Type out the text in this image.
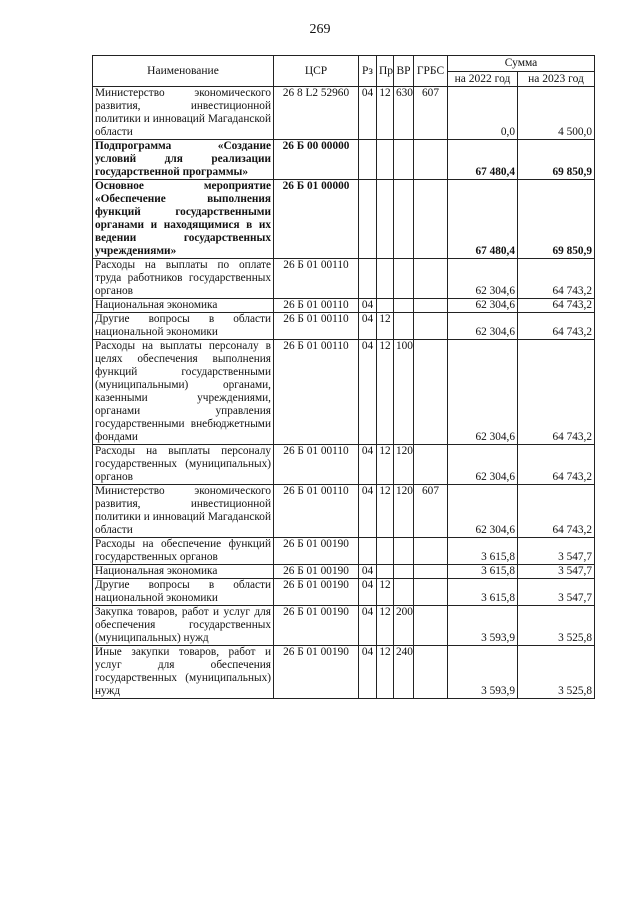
269
Наименование	ЦСР	Рз	Пр	ВР	ГРБС	Сумма	
						на 2022 год	на 2023 год
Министерство экономического развития, инвестиционной политики и инноваций Магаданской области	26 8 L2 52960	04	12	630	607	0,0	4 500,0
Подпрограмма «Создание условий для реализации государственной программы»	26 Б 00 00000					67 480,4	69 850,9
Основное мероприятие «Обеспечение выполнения функций государственными органами и находящимися в их ведении государственных учреждениями»	26 Б 01 00000					67 480,4	69 850,9
Расходы на выплаты по оплате труда работников государственных органов	26 Б 01 00110					62 304,6	64 743,2
Национальная экономика	26 Б 01 00110	04				62 304,6	64 743,2
Другие вопросы в области национальной экономики	26 Б 01 00110	04	12			62 304,6	64 743,2
Расходы на выплаты персоналу в целях обеспечения выполнения функций государственными (муниципальными) органами, казенными учреждениями, органами управления государственными внебюджетными фондами	26 Б 01 00110	04	12	100		62 304,6	64 743,2
Расходы на выплаты персоналу государственных (муниципальных) органов	26 Б 01 00110	04	12	120		62 304,6	64 743,2
Министерство экономического развития, инвестиционной политики и инноваций Магаданской области	26 Б 01 00110	04	12	120	607	62 304,6	64 743,2
Расходы на обеспечение функций государственных органов	26 Б 01 00190					3 615,8	3 547,7
Национальная экономика	26 Б 01 00190	04				3 615,8	3 547,7
Другие вопросы в области национальной экономики	26 Б 01 00190	04	12			3 615,8	3 547,7
Закупка товаров, работ и услуг для обеспечения государственных (муниципальных) нужд	26 Б 01 00190	04	12	200		3 593,9	3 525,8
Иные закупки товаров, работ и услуг для обеспечения государственных (муниципальных) нужд	26 Б 01 00190	04	12	240		3 593,9	3 525,8
